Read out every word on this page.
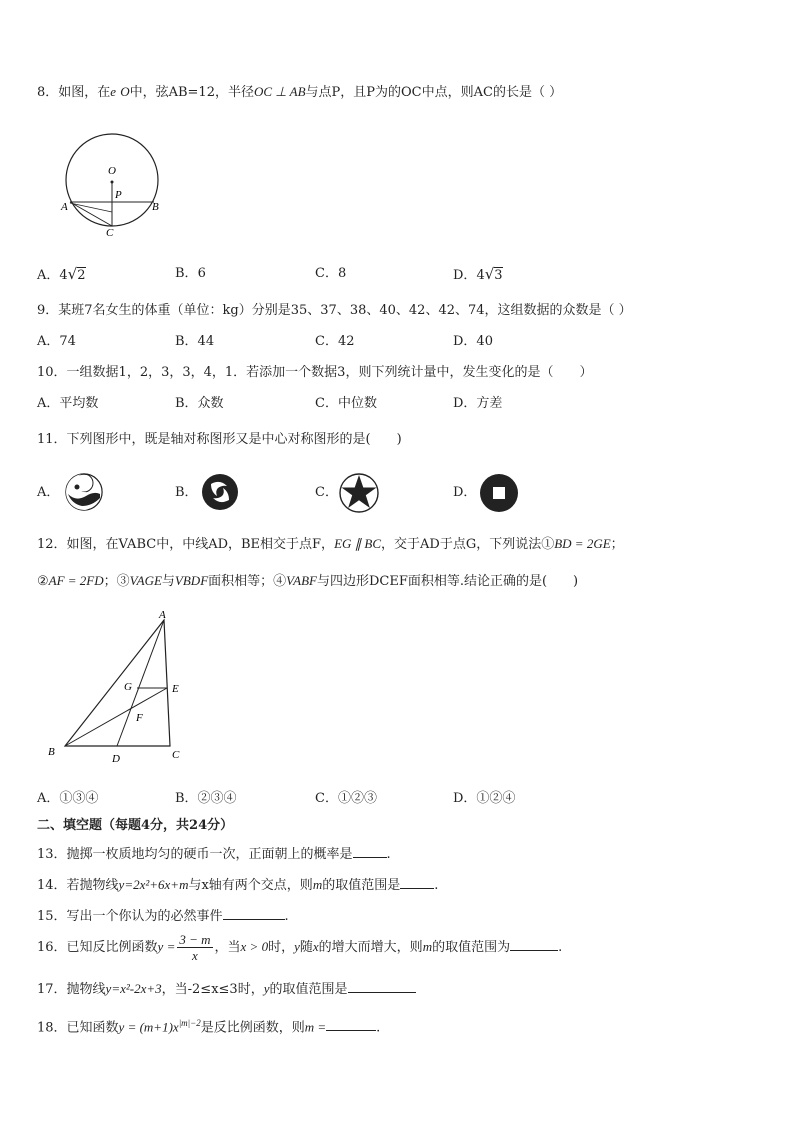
8．如图，在e O中，弦AB=12，半径OC ⊥ AB与点P，且P为的OC中点，则AC的长是（ ）
O
P
A	B
C
A．4√2	B．6	C．8	D．4√3
9．某班7名女生的体重（单位：kg）分别是35、37、38、40、42、42、74，这组数据的众数是（ ）
A．74	B．44	C．42	D．40
10．一组数据1，2，3，3，4，1．若添加一个数据3，则下列统计量中，发生变化的是（　　）
A．平均数	B．众数	C．中位数	D．方差
11．下列图形中，既是轴对称图形又是中心对称图形的是(　　)
A．	B．	C．	D．
12．如图，在VABC中，中线AD，BE相交于点F，EG ∥ BC，交于AD于点G，下列说法①BD = 2GE；
②AF = 2FD；③VAGE与VBDF面积相等；④VABF与四边形DCEF面积相等.结论正确的是(　　)
A
G	E
F
B
D	C
A．①③④	B．②③④	C．①②③	D．①②④
二、填空题（每题4分，共24分）
13．抛掷一枚质地均匀的硬币一次，正面朝上的概率是	.
14．若抛物线y=2x²+6x+m与x轴有两个交点，则m的取值范围是	.
15．写出一个你认为的必然事件	.
16．已知反比例函数$y = \frac{3 - m}{x}$ ，当x > 0时，y随x的增大而增大，则m的取值范围为	.
17．抛物线y=x²-2x+3，当-2≤x≤3时，y的取值范围是
18．已知函数$y = (m+1)x^{|m|-2}$是反比例函数，则m =	.
